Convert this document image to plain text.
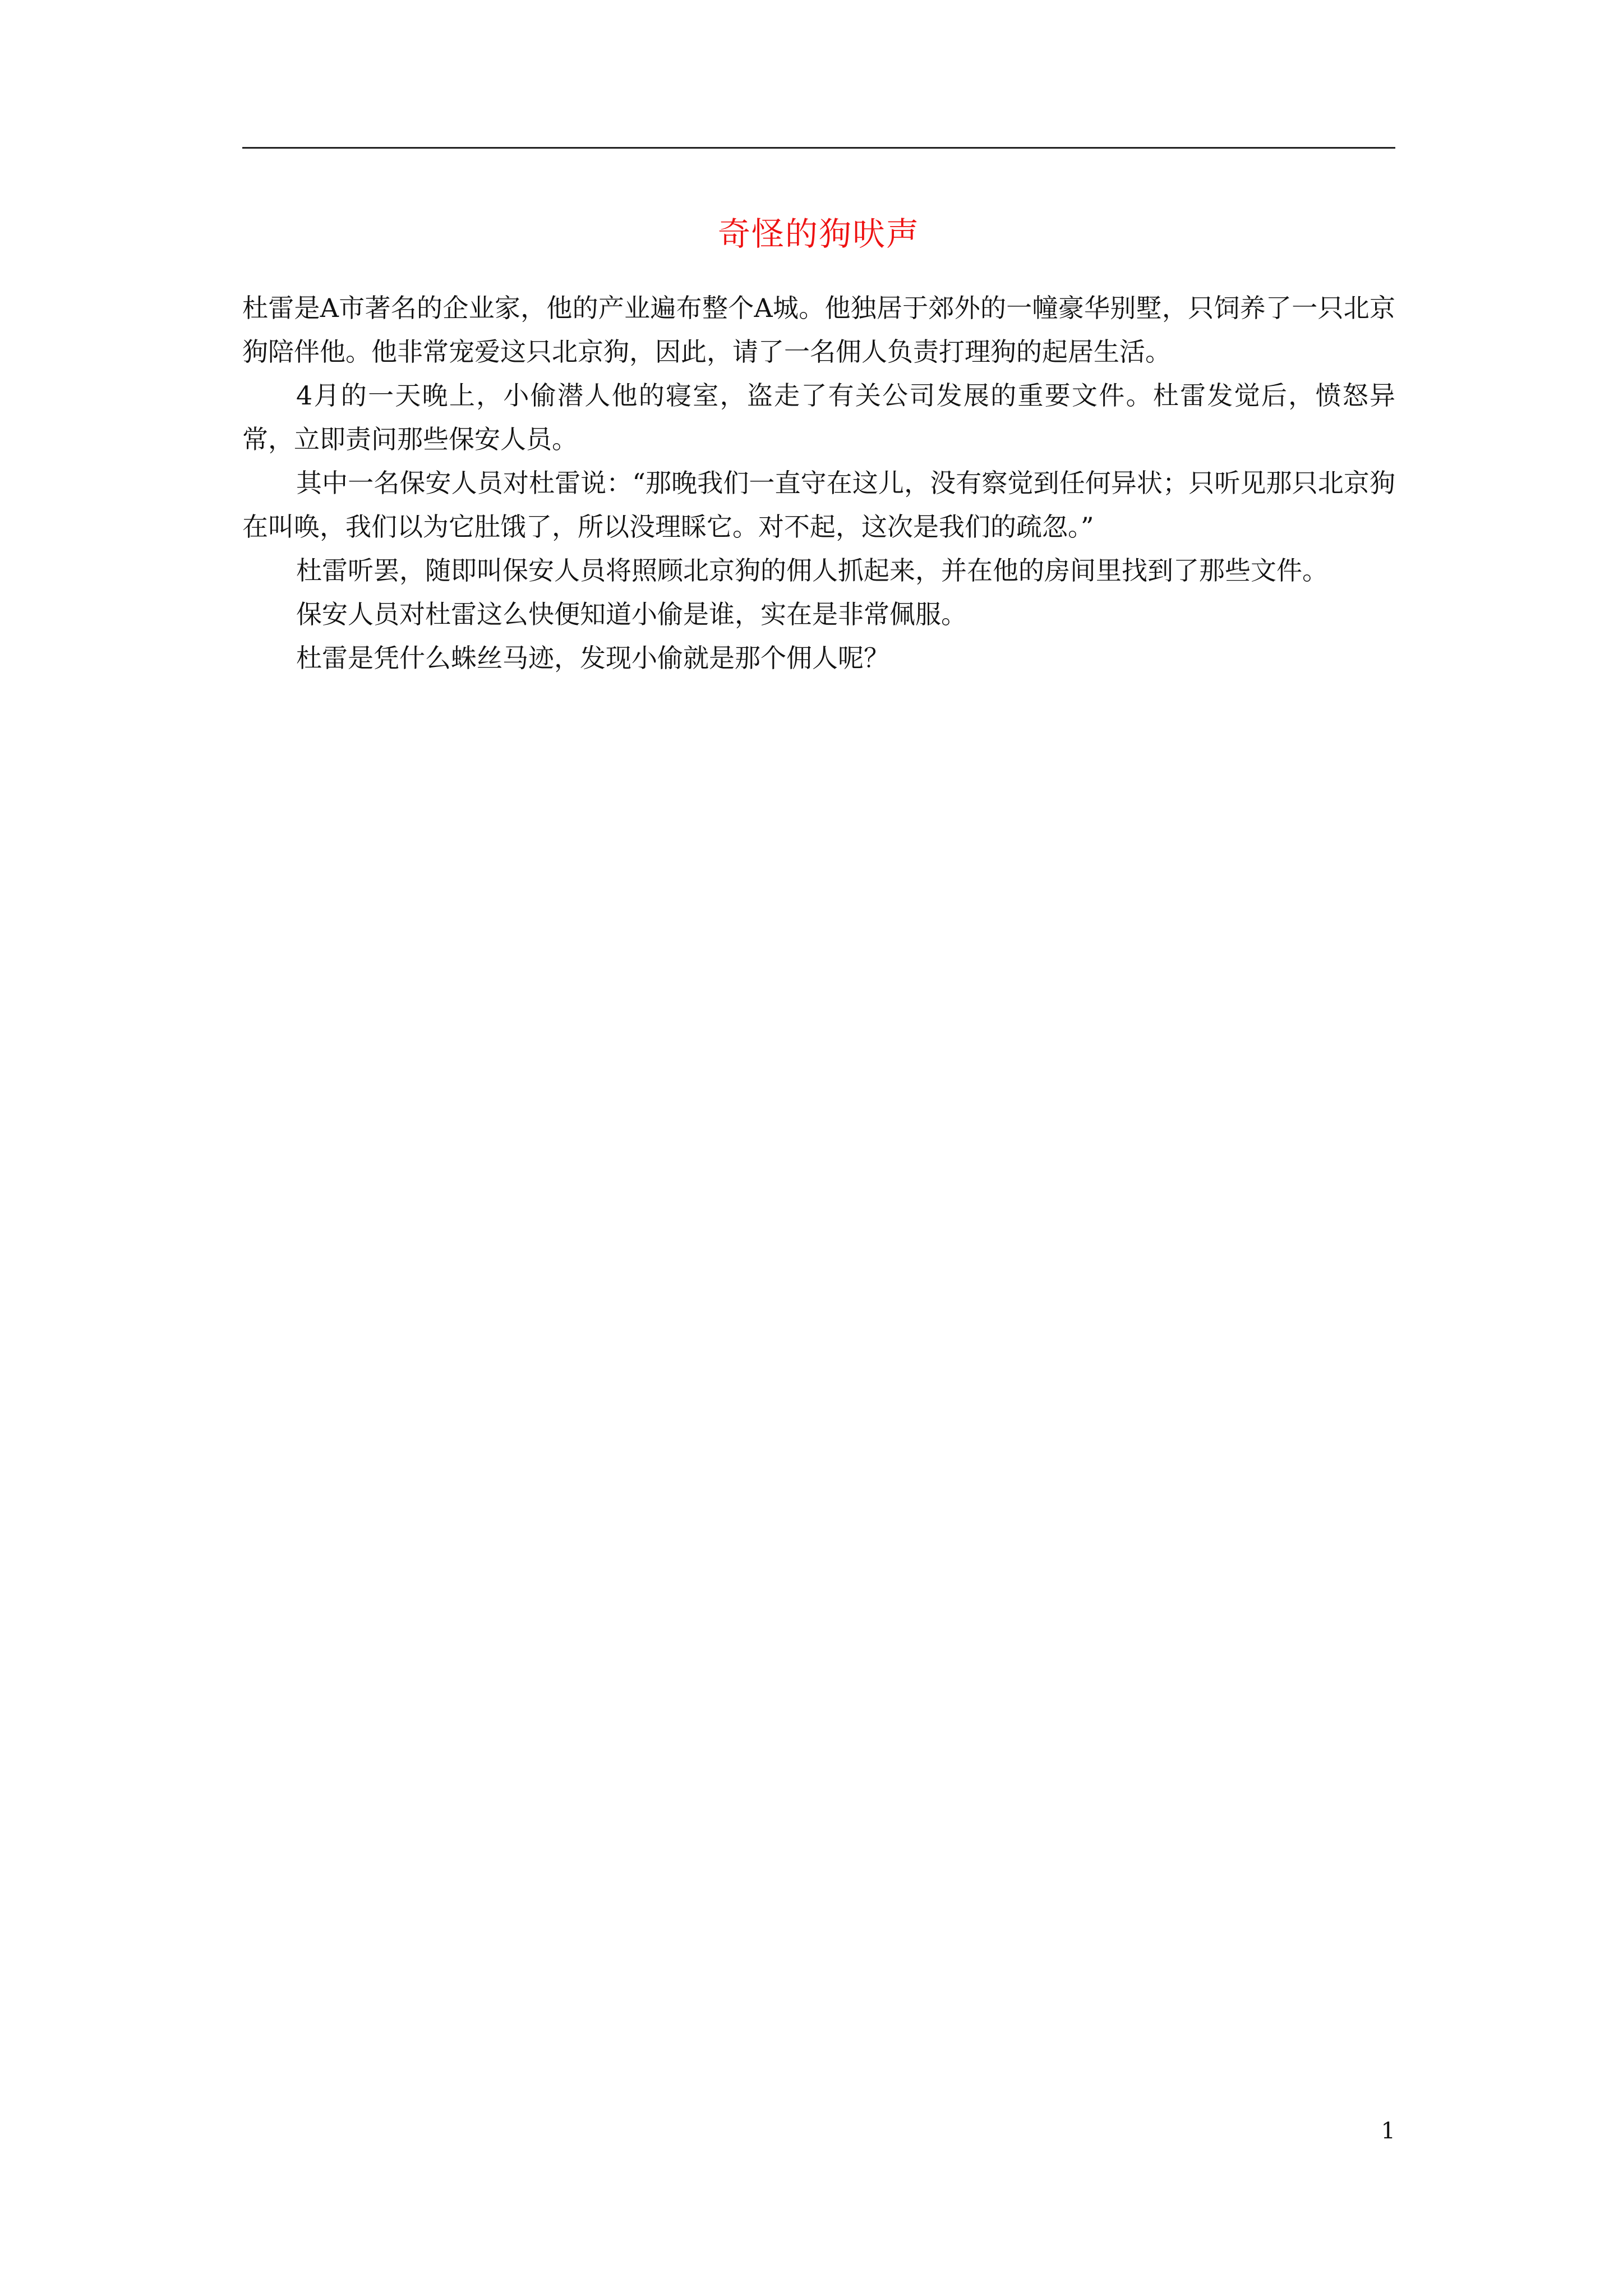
奇怪的狗吠声

杜雷是A市著名的企业家，他的产业遍布整个A城。他独居于郊外的一幢豪华别墅，只饲养了一只北京狗陪伴他。他非常宠爱这只北京狗，因此，请了一名佣人负责打理狗的起居生活。

4月的一天晚上，小偷潜人他的寝室，盗走了有关公司发展的重要文件。杜雷发觉后，愤怒异常，立即责问那些保安人员。

其中一名保安人员对杜雷说：“那晚我们一直守在这儿，没有察觉到任何异状；只听见那只北京狗在叫唤，我们以为它肚饿了，所以没理睬它。对不起，这次是我们的疏忽。”

杜雷听罢，随即叫保安人员将照顾北京狗的佣人抓起来，并在他的房间里找到了那些文件。

保安人员对杜雷这么快便知道小偷是谁，实在是非常佩服。

杜雷是凭什么蛛丝马迹，发现小偷就是那个佣人呢？

1
